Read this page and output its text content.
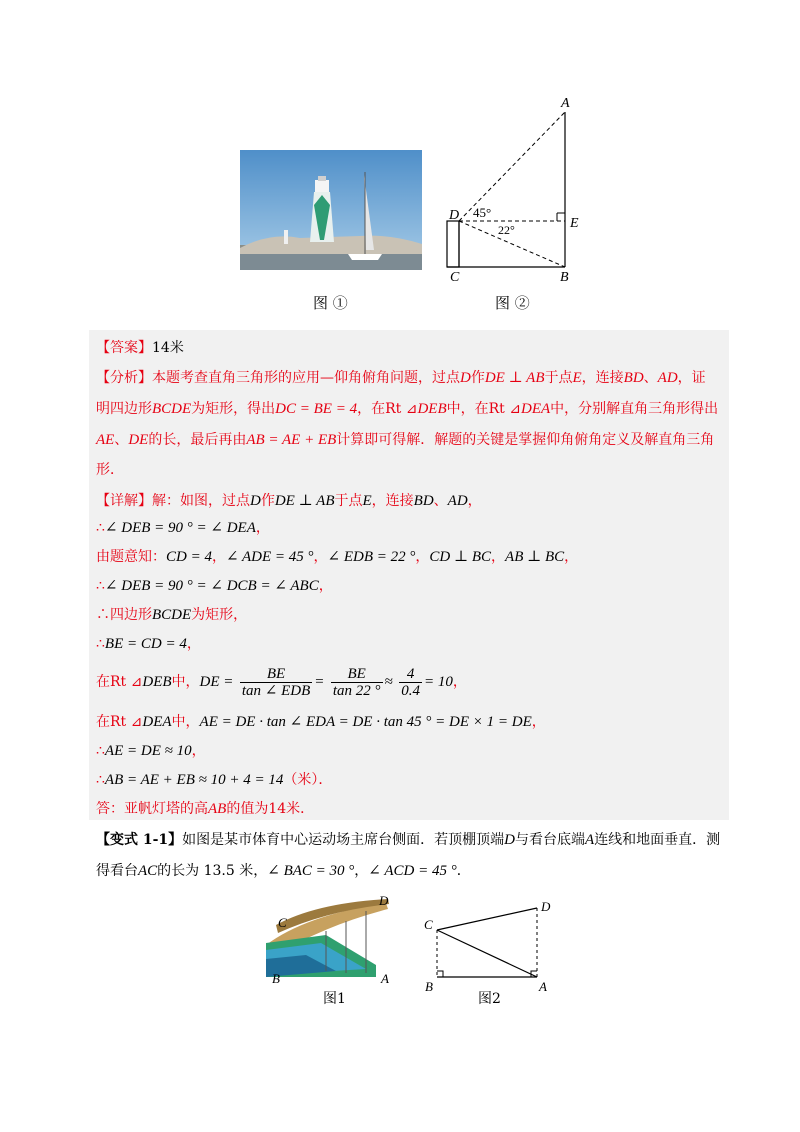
图 ①
A
D
E
C	B
45°
22°
图 ②
【答案】14米
【分析】本题考查直角三角形的应用—仰角俯角问题，过点D作DE ⊥ AB于点E，连接BD、AD，证
明四边形BCDE为矩形，得出DC = BE = 4，在Rt ⊿DEB中，在Rt ⊿DEA中，分别解直角三角形得出
AE、DE的长，最后再由AB = AE + EB计算即可得解．解题的关键是掌握仰角俯角定义及解直角三角
形．
【详解】解：如图，过点D作DE ⊥ AB于点E，连接BD、AD，
∴∠ DEB = 90 ° = ∠ DEA，
由题意知：CD = 4，∠ ADE = 45 °，∠ EDB = 22 °，CD ⊥ BC，AB ⊥ BC，
∴∠ DEB = 90 ° = ∠ DCB = ∠ ABC，
∴四边形BCDE为矩形，
∴BE = CD = 4，
在Rt ⊿DEB中，DE = $\frac{BE}{\text{tan ∠ EDB}} = \frac{BE}{\tan 22 ^\circ} \approx \frac{4}{0.4} = 10$，
在Rt ⊿DEA中，AE = DE · tan ∠ EDA = DE · tan 45 ° = DE × 1 = DE，
∴AE = DE ≈ 10，
∴AB = AE + EB ≈ 10 + 4 = 14（米）．
答：亚帆灯塔的高AB的值为14米．
【变式 1-1】如图是某市体育中心运动场主席台侧面．若顶棚顶端D与看台底端A连线和地面垂直．测
得看台AC的长为 13.5 米，∠ BAC = 30 °，∠ ACD = 45 °．
C
D
B	A
图1
C
D
B	A
图2
